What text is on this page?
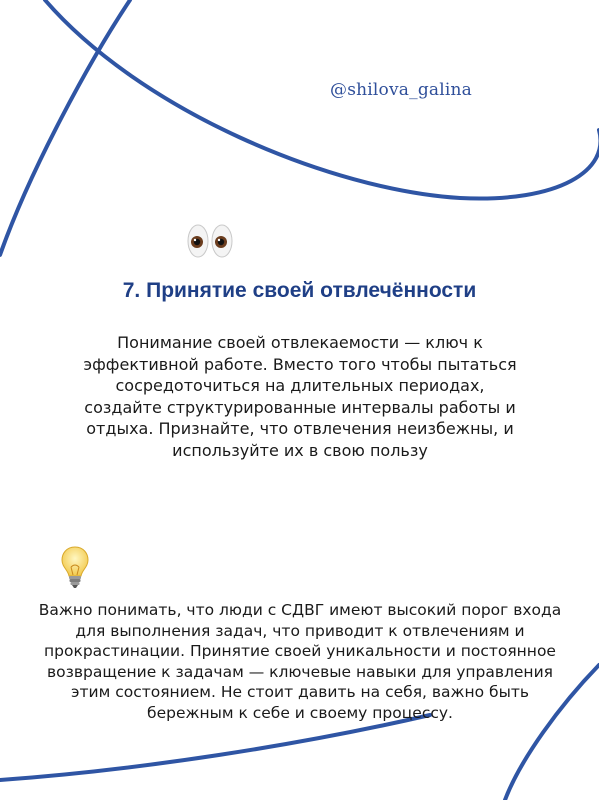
@shilova_galina
7. Принятие своей отвлечённости
Понимание своей отвлекаемости — ключ к эффективной работе. Вместо того чтобы пытаться сосредоточиться на длительных периодах, создайте структурированные интервалы работы и отдыха. Признайте, что отвлечения неизбежны, и используйте их в свою пользу
Важно понимать, что люди с СДВГ имеют высокий порог входа для выполнения задач, что приводит к отвлечениям и прокрастинации. Принятие своей уникальности и постоянное возвращение к задачам — ключевые навыки для управления этим состоянием. Не стоит давить на себя, важно быть бережным к себе и своему процессу.
